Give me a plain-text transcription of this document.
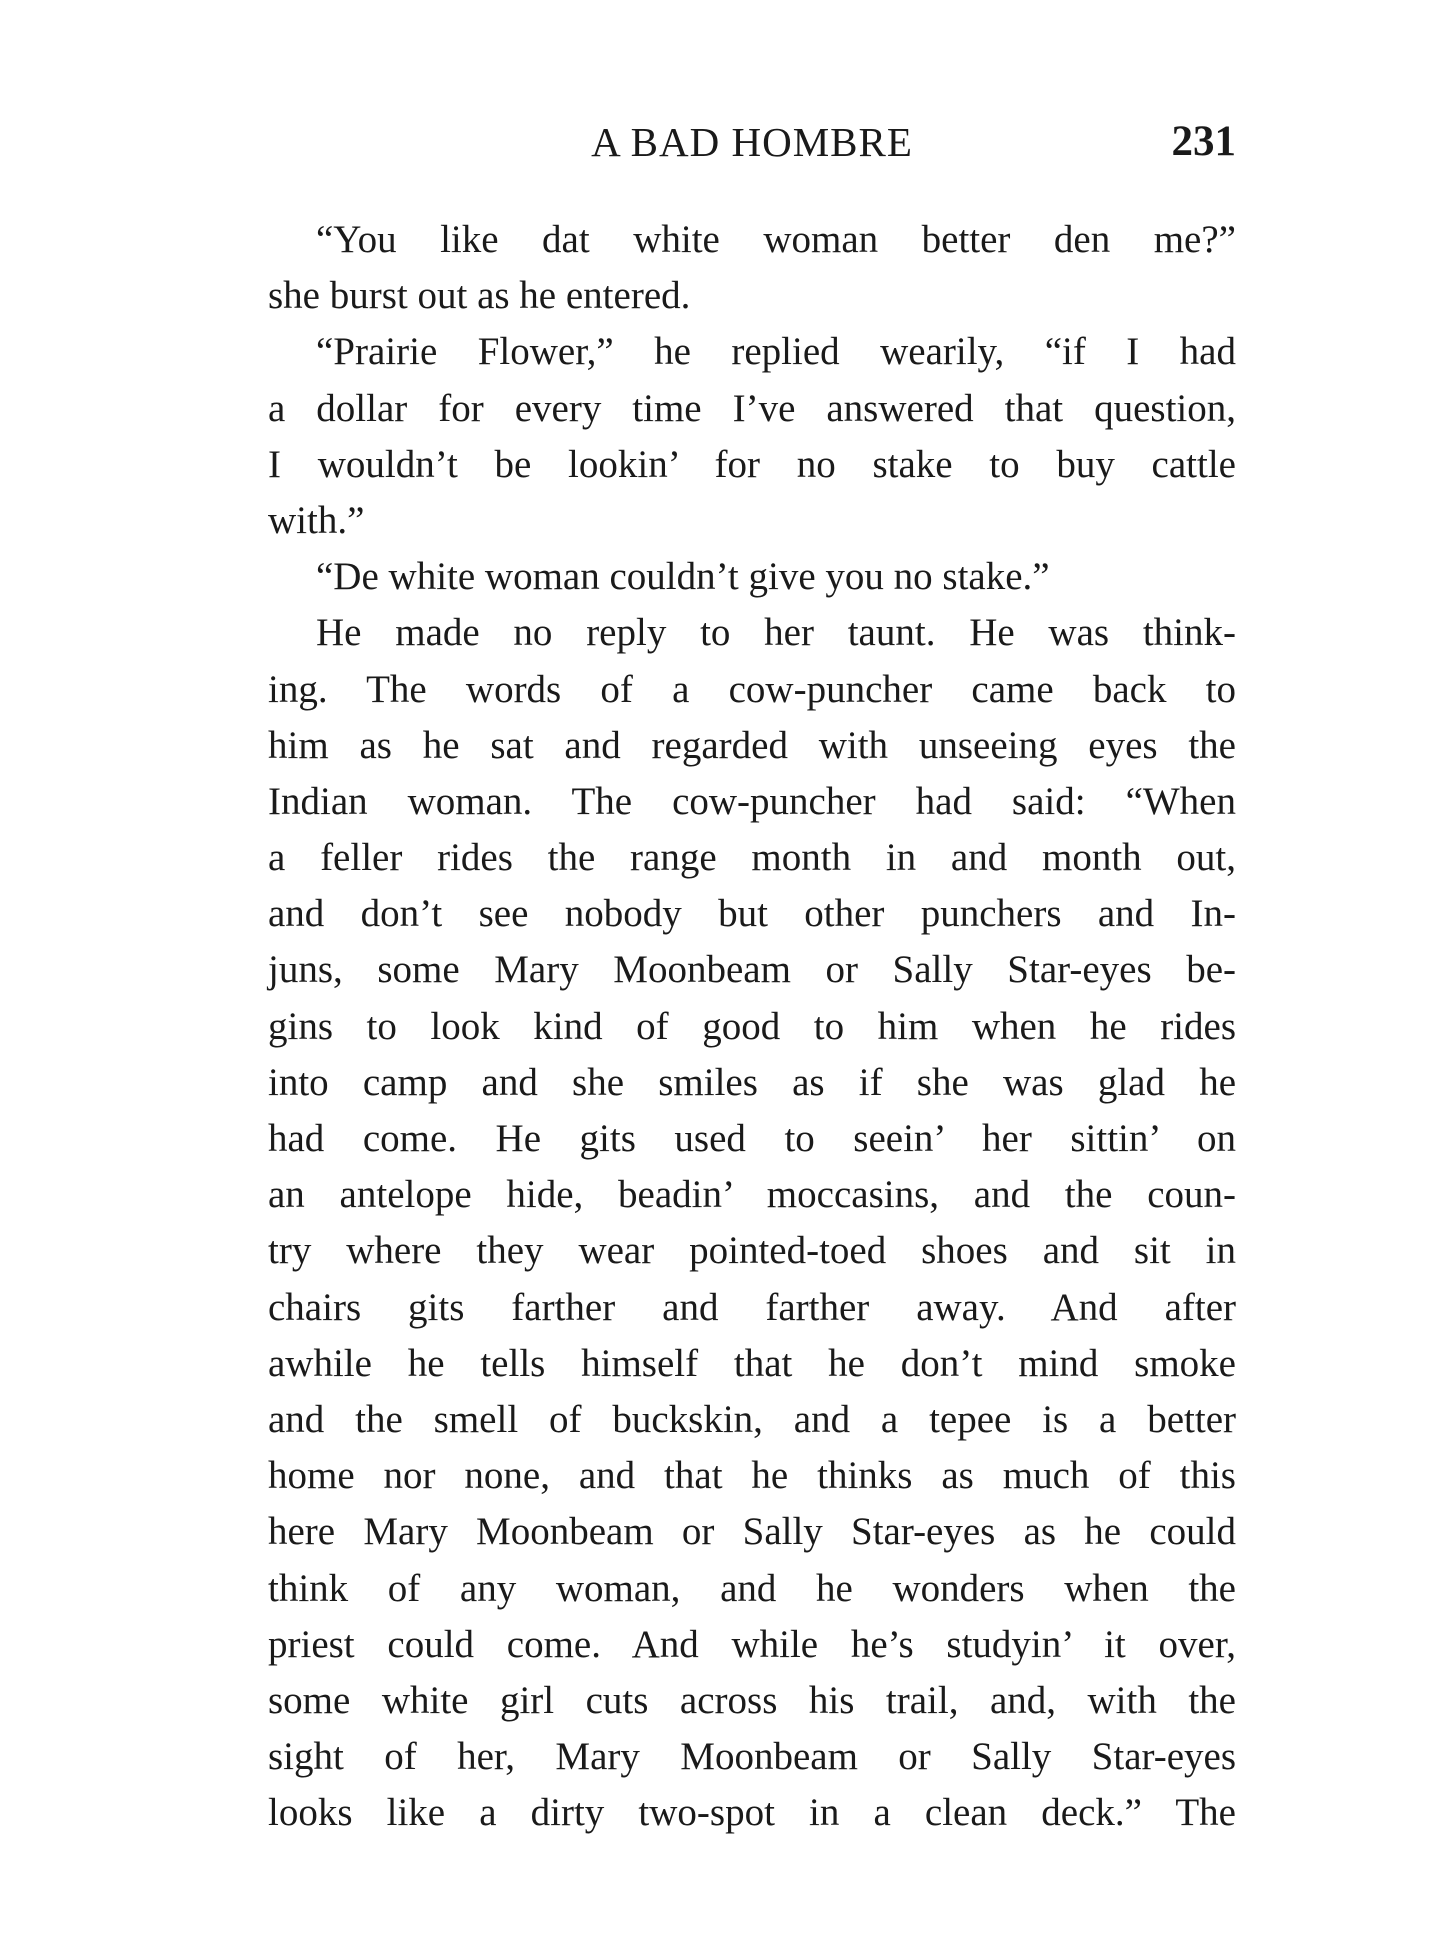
A BAD HOMBRE	231
“You like dat white woman better den me?”
she burst out as he entered.
“Prairie Flower,” he replied wearily, “if I had
a dollar for every time I’ve answered that question,
I wouldn’t be lookin’ for no stake to buy cattle
with.”
“De white woman couldn’t give you no stake.”
He made no reply to her taunt. He was think-
ing. The words of a cow-puncher came back to
him as he sat and regarded with unseeing eyes the
Indian woman. The cow-puncher had said: “When
a feller rides the range month in and month out,
and don’t see nobody but other punchers and In-
juns, some Mary Moonbeam or Sally Star-eyes be-
gins to look kind of good to him when he rides
into camp and she smiles as if she was glad he
had come. He gits used to seein’ her sittin’ on
an antelope hide, beadin’ moccasins, and the coun-
try where they wear pointed-toed shoes and sit in
chairs gits farther and farther away. And after
awhile he tells himself that he don’t mind smoke
and the smell of buckskin, and a tepee is a better
home nor none, and that he thinks as much of this
here Mary Moonbeam or Sally Star-eyes as he could
think of any woman, and he wonders when the
priest could come. And while he’s studyin’ it over,
some white girl cuts across his trail, and, with the
sight of her, Mary Moonbeam or Sally Star-eyes
looks like a dirty two-spot in a clean deck.” The
